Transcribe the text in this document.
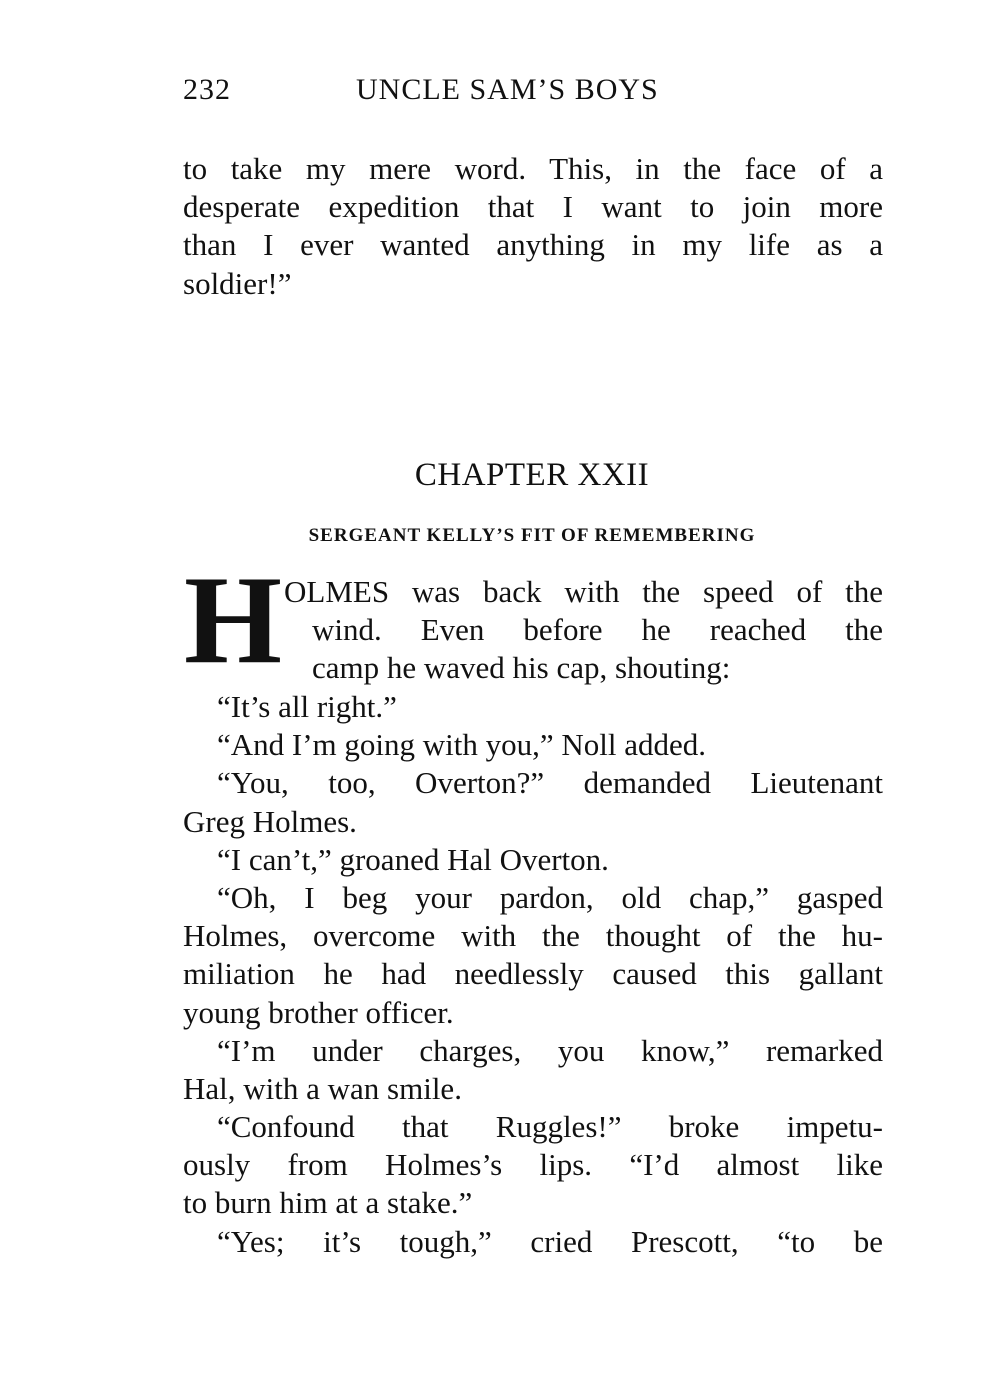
232	UNCLE SAM’S BOYS
to take my mere word. This, in the face of a
desperate expedition that I want to join more
than I ever wanted anything in my life as a
soldier!”
CHAPTER XXII
SERGEANT KELLY’S FIT OF REMEMBERING
H OLMES was back with the speed of the
wind. Even before he reached the
camp he waved his cap, shouting:
“It’s all right.”
“And I’m going with you,” Noll added.
“You, too, Overton?” demanded Lieutenant
Greg Holmes.
“I can’t,” groaned Hal Overton.
“Oh, I beg your pardon, old chap,” gasped
Holmes, overcome with the thought of the hu-
miliation he had needlessly caused this gallant
young brother officer.
“I’m under charges, you know,” remarked
Hal, with a wan smile.
“Confound that Ruggles!” broke impetu-
ously from Holmes’s lips. “I’d almost like
to burn him at a stake.”
“Yes; it’s tough,” cried Prescott, “to be
